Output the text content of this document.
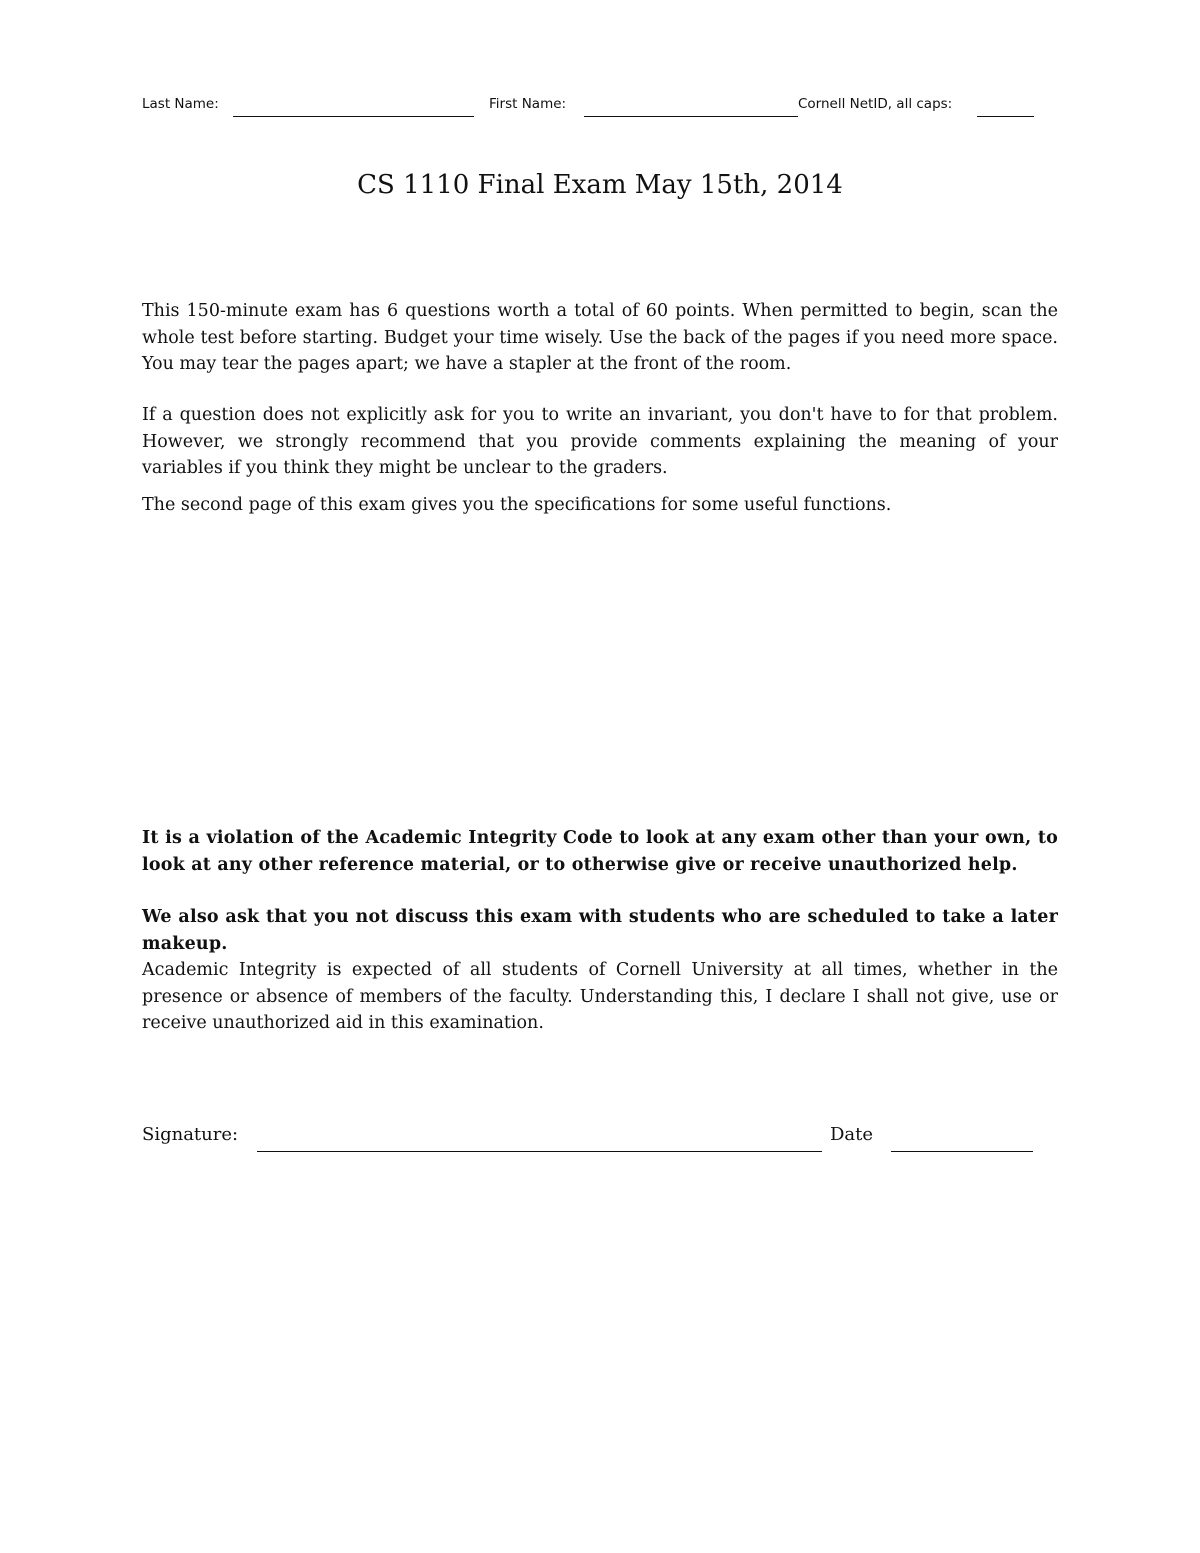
Last Name:	First Name:	Cornell NetID, all caps:
CS 1110 Final Exam May 15th, 2014

This 150-minute exam has 6 questions worth a total of 60 points. When permitted to begin, scan the whole test before starting. Budget your time wisely. Use the back of the pages if you need more space. You may tear the pages apart; we have a stapler at the front of the room.

If a question does not explicitly ask for you to write an invariant, you don't have to for that problem. However, we strongly recommend that you provide comments explaining the meaning of your variables if you think they might be unclear to the graders.

The second page of this exam gives you the specifications for some useful functions.

It is a violation of the Academic Integrity Code to look at any exam other than your own, to look at any other reference material, or to otherwise give or receive unauthorized help.

We also ask that you not discuss this exam with students who are scheduled to take a later makeup.

Academic Integrity is expected of all students of Cornell University at all times, whether in the presence or absence of members of the faculty. Understanding this, I declare I shall not give, use or receive unauthorized aid in this examination.

Signature:	Date
